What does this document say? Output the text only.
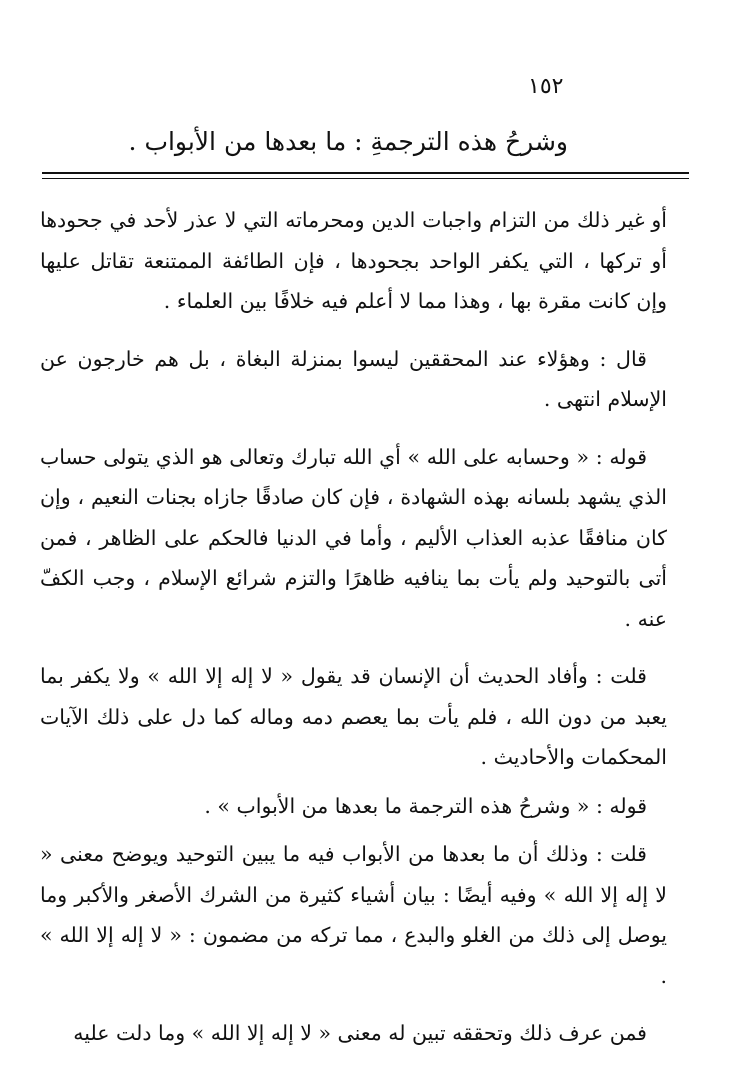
١٥٢
وشرحُ هذه الترجمةِ : ما بعدها من الأبواب .

أو غير ذلك من التزام واجبات الدين ومحرماته التي لا عذر لأحد في جحودها أو تركها ، التي يكفر الواحد بجحودها ، فإن الطائفة الممتنعة تقاتل عليها وإن كانت مقرة بها ، وهذا مما لا أعلم فيه خلافًا بين العلماء .

قال : وهؤلاء عند المحققين ليسوا بمنزلة البغاة ، بل هم خارجون عن الإسلام انتهى .

قوله : « وحسابه على الله » أي الله تبارك وتعالى هو الذي يتولى حساب الذي يشهد بلسانه بهذه الشهادة ، فإن كان صادقًا جازاه بجنات النعيم ، وإن كان منافقًا عذبه العذاب الأليم ، وأما في الدنيا فالحكم على الظاهر ، فمن أتى بالتوحيد ولم يأت بما ينافيه ظاهرًا والتزم شرائع الإسلام ، وجب الكفّ عنه .

قلت : وأفاد الحديث أن الإنسان قد يقول « لا إله إلا الله » ولا يكفر بما يعبد من دون الله ، فلم يأت بما يعصم دمه وماله كما دل على ذلك الآيات المحكمات والأحاديث .

قوله : « وشرحُ هذه الترجمة ما بعدها من الأبواب » .

قلت : وذلك أن ما بعدها من الأبواب فيه ما يبين التوحيد ويوضح معنى « لا إله إلا الله » وفيه أيضًا : بيان أشياء كثيرة من الشرك الأصغر والأكبر وما يوصل إلى ذلك من الغلو والبدع ، مما تركه من مضمون : « لا إله إلا الله » .

فمن عرف ذلك وتحققه تبين له معنى « لا إله إلا الله » وما دلت عليه
